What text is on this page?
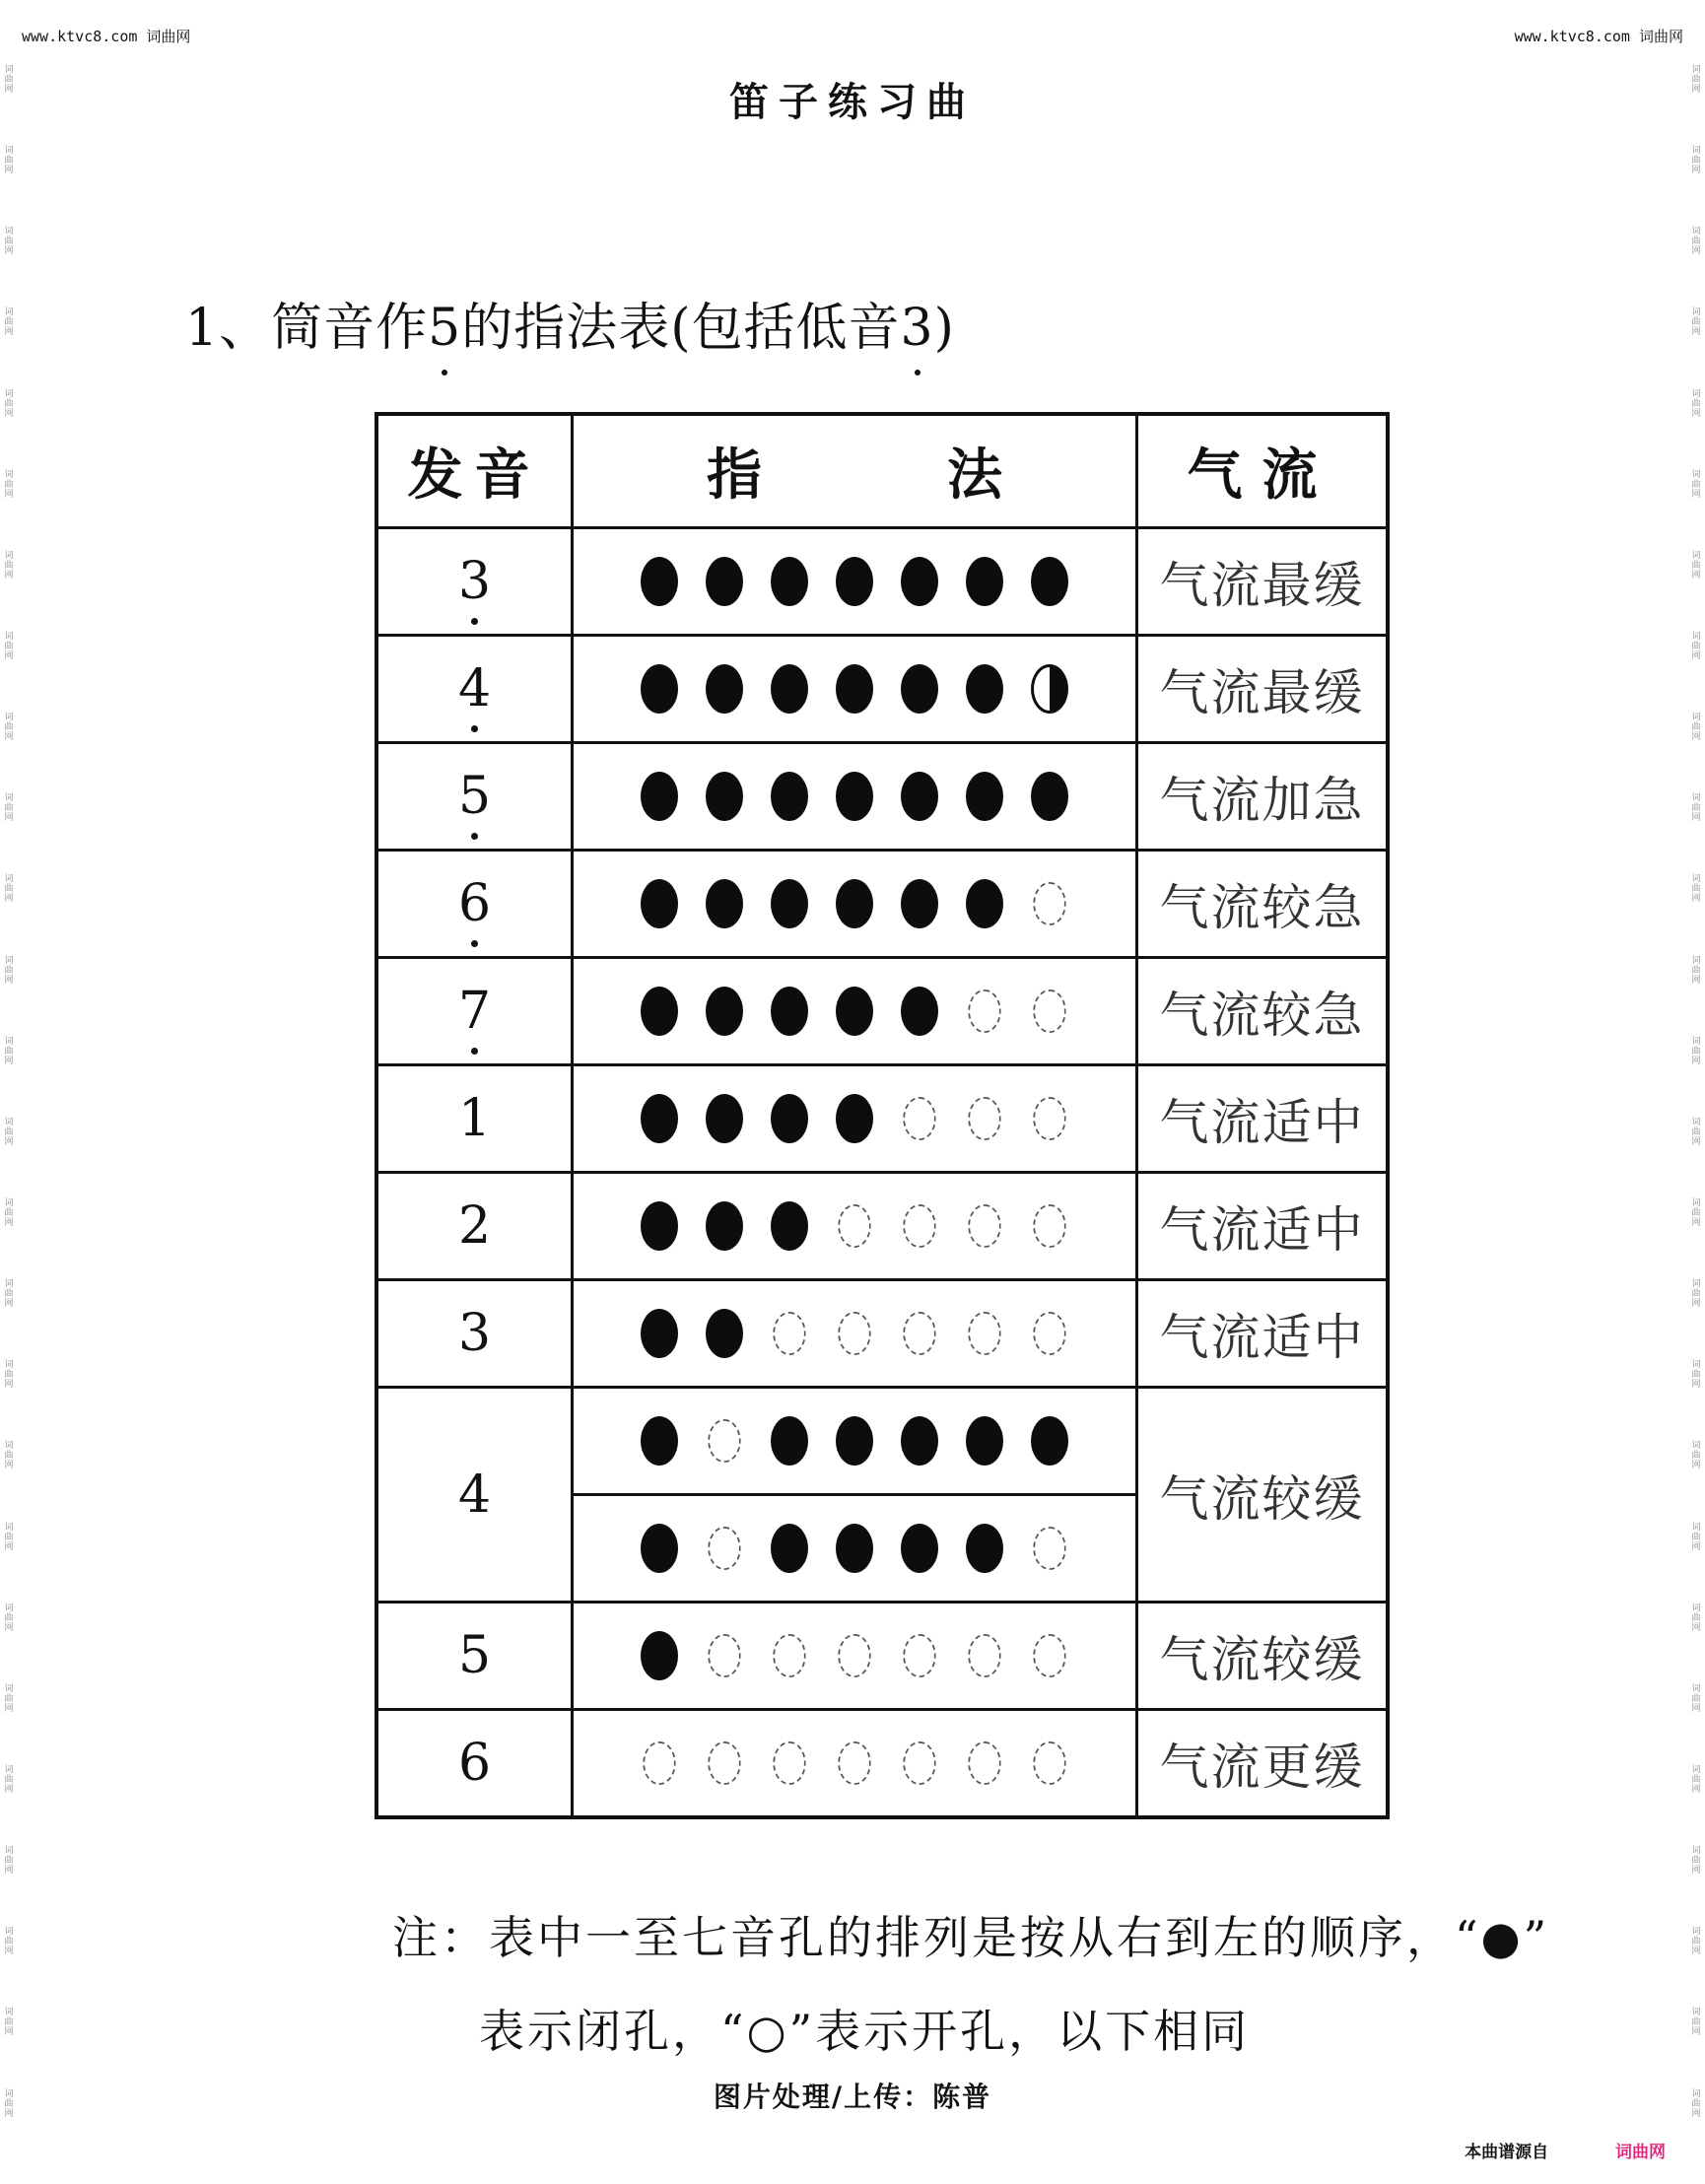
词曲网
词曲网
词曲网
词曲网
词曲网
词曲网
词曲网
词曲网
词曲网
词曲网
词曲网
词曲网
词曲网
词曲网
词曲网
词曲网
词曲网
词曲网
词曲网
词曲网
词曲网
词曲网
词曲网
词曲网
词曲网
词曲网
词曲网
词曲网
词曲网
词曲网
词曲网
词曲网
词曲网
词曲网
词曲网
词曲网
词曲网
词曲网
词曲网
词曲网
词曲网
词曲网
词曲网
词曲网
词曲网
词曲网
词曲网
词曲网
词曲网
词曲网
词曲网
词曲网
www.ktvc8.com 词曲网	www.ktvc8.com 词曲网
笛子练习曲
1、筒音作5的指法表(包括低音3)
发音	指法	气流
3		气流最缓
4		气流最缓
5		气流加急
6		气流较急
7		气流较急
1		气流适中
2		气流适中
3		气流适中
4		气流较缓

5		气流较缓
6		气流更缓
注：表中一至七音孔的排列是按从右到左的顺序，“●”
表示闭孔，“○”表示开孔，以下相同
图片处理/上传：陈普
本曲谱源自	词曲网
